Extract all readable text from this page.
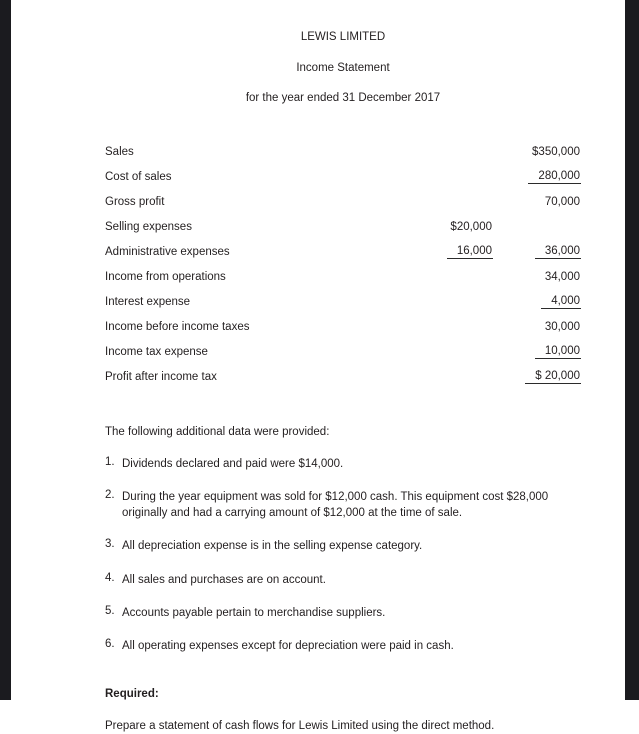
LEWIS LIMITED
Income Statement
for the year ended 31 December 2017
Sales		$350,000
Cost of sales		280,000
Gross profit		70,000
Selling expenses	$20,000	
Administrative expenses	16,000	36,000
Income from operations		34,000
Interest expense		4,000
Income before income taxes		30,000
Income tax expense		10,000
Profit after income tax		$ 20,000
The following additional data were provided:
1. Dividends declared and paid were $14,000.
2. During the year equipment was sold for $12,000 cash. This equipment cost $28,000 originally and had a carrying amount of $12,000 at the time of sale.
3. All depreciation expense is in the selling expense category.
4. All sales and purchases are on account.
5. Accounts payable pertain to merchandise suppliers.
6. All operating expenses except for depreciation were paid in cash.
Required:
Prepare a statement of cash flows for Lewis Limited using the direct method.
